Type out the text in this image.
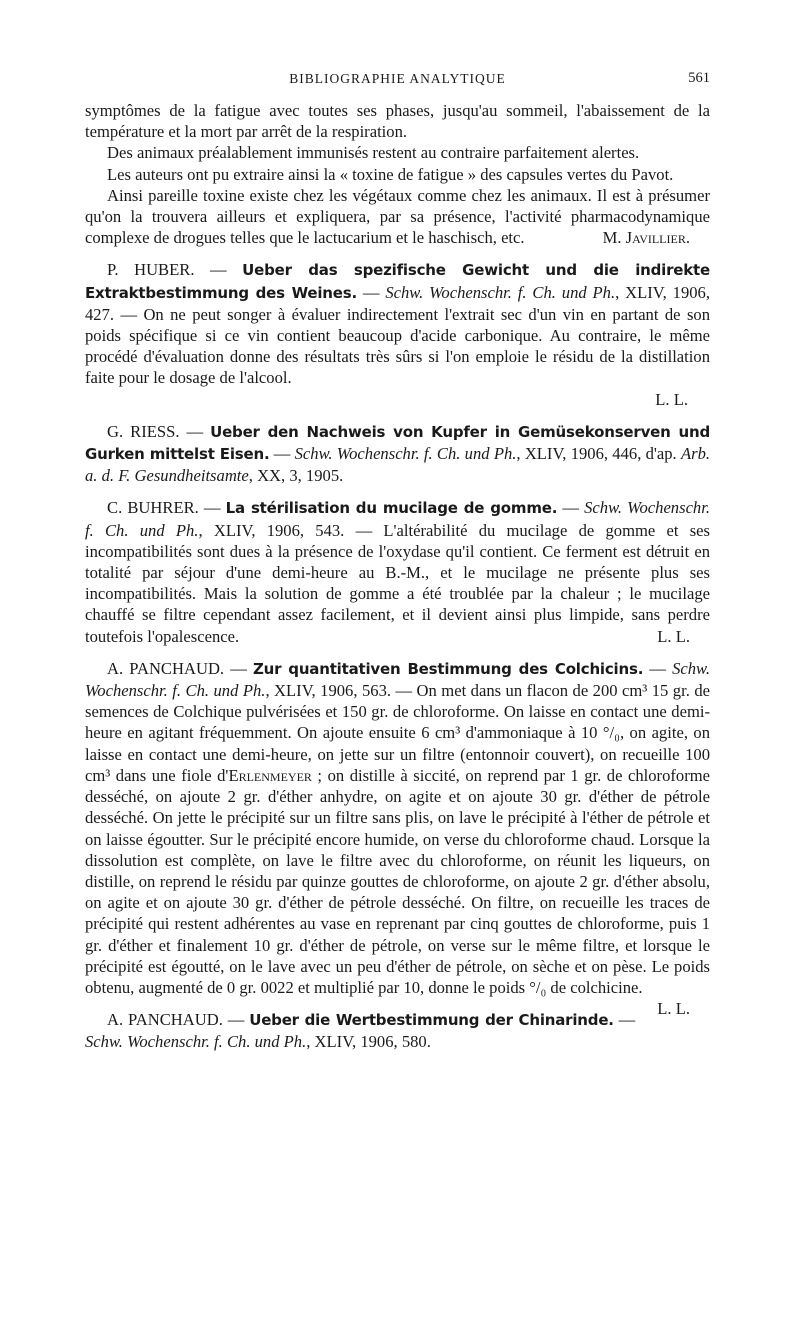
BIBLIOGRAPHIE ANALYTIQUE	561

symptômes de la fatigue avec toutes ses phases, jusqu'au sommeil, l'abaissement de la température et la mort par arrêt de la respiration.

Des animaux préalablement immunisés restent au contraire parfaitement alertes.

Les auteurs ont pu extraire ainsi la « toxine de fatigue » des capsules vertes du Pavot.

Ainsi pareille toxine existe chez les végétaux comme chez les animaux. Il est à présumer qu'on la trouvera ailleurs et expliquera, par sa présence, l'activité pharmacodynamique complexe de drogues telles que le lactucarium et le haschisch, etc.	M. Javillier.

P. HUBER. — Ueber das spezifische Gewicht und die indirekte Extraktbestimmung des Weines. — Schw. Wochenschr. f. Ch. und Ph., XLIV, 1906, 427. — On ne peut songer à évaluer indirectement l'extrait sec d'un vin en partant de son poids spécifique si ce vin contient beaucoup d'acide carbonique. Au contraire, le même procédé d'évaluation donne des résultats très sûrs si l'on emploie le résidu de la distillation faite pour le dosage de l'alcool.

L. L.

G. RIESS. — Ueber den Nachweis von Kupfer in Gemüsekonserven und Gurken mittelst Eisen. — Schw. Wochenschr. f. Ch. und Ph., XLIV, 1906, 446, d'ap. Arb. a. d. F. Gesundheitsamte, XX, 3, 1905.

C. BUHRER. — La stérilisation du mucilage de gomme. — Schw. Wochenschr. f. Ch. und Ph., XLIV, 1906, 543. — L'altérabilité du mucilage de gomme et ses incompatibilités sont dues à la présence de l'oxydase qu'il contient. Ce ferment est détruit en totalité par séjour d'une demi-heure au B.-M., et le mucilage ne présente plus ses incompatibilités. Mais la solution de gomme a été troublée par la chaleur ; le mucilage chauffé se filtre cependant assez facilement, et il devient ainsi plus limpide, sans perdre toutefois l'opalescence.	L. L.

A. PANCHAUD. — Zur quantitativen Bestimmung des Colchicins. — Schw. Wochenschr. f. Ch. und Ph., XLIV, 1906, 563. — On met dans un flacon de 200 cm³ 15 gr. de semences de Colchique pulvérisées et 150 gr. de chloroforme. On laisse en contact une demi-heure en agitant fréquemment. On ajoute ensuite 6 cm³ d'ammoniaque à 10 °/₀, on agite, on laisse en contact une demi-heure, on jette sur un filtre (entonnoir couvert), on recueille 100 cm³ dans une fiole d'Erlenmeyer ; on distille à siccité, on reprend par 1 gr. de chloroforme desséché, on ajoute 2 gr. d'éther anhydre, on agite et on ajoute 30 gr. d'éther de pétrole desséché. On jette le précipité sur un filtre sans plis, on lave le précipité à l'éther de pétrole et on laisse égoutter. Sur le précipité encore humide, on verse du chloroforme chaud. Lorsque la dissolution est complète, on lave le filtre avec du chloroforme, on réunit les liqueurs, on distille, on reprend le résidu par quinze gouttes de chloroforme, on ajoute 2 gr. d'éther absolu, on agite et on ajoute 30 gr. d'éther de pétrole desséché. On filtre, on recueille les traces de précipité qui restent adhérentes au vase en reprenant par cinq gouttes de chloroforme, puis 1 gr. d'éther et finalement 10 gr. d'éther de pétrole, on verse sur le même filtre, et lorsque le précipité est égoutté, on le lave avec un peu d'éther de pétrole, on sèche et on pèse. Le poids obtenu, augmenté de 0 gr. 0022 et multiplié par 10, donne le poids °/₀ de colchicine.
L. L.

A. PANCHAUD. — Ueber die Wertbestimmung der Chinarinde. — Schw. Wochenschr. f. Ch. und Ph., XLIV, 1906, 580.
